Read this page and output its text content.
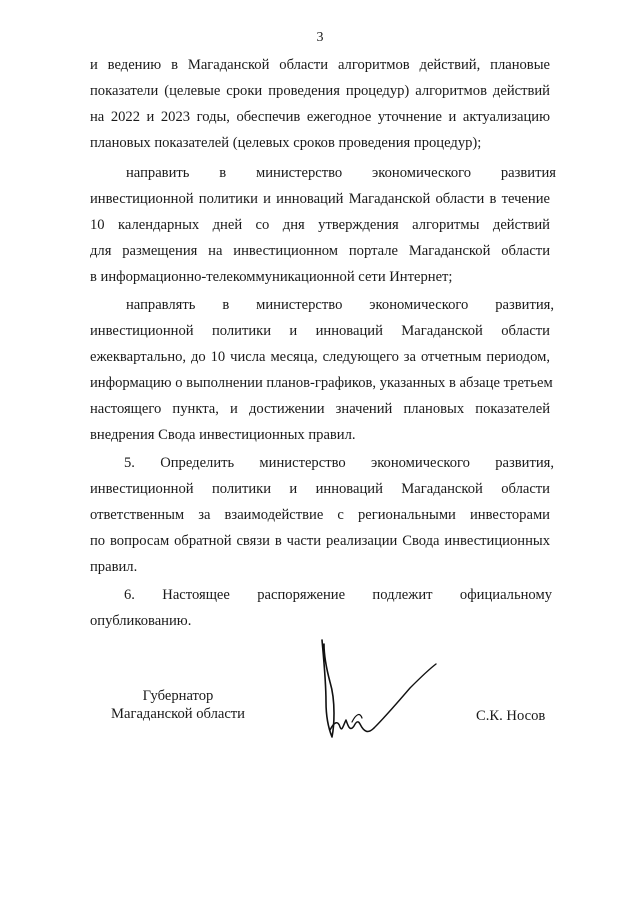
3
и ведению в Магаданской области алгоритмов действий, плановые
показатели (целевые сроки проведения процедур) алгоритмов действий
на 2022 и 2023 годы, обеспечив ежегодное уточнение и актуализацию
плановых показателей (целевых сроков проведения процедур);
направить в министерство экономического развития
инвестиционной политики и инноваций Магаданской области в течение
10 календарных дней со дня утверждения алгоритмы действий
для размещения на инвестиционном портале Магаданской области
в информационно-телекоммуникационной сети Интернет;
направлять в министерство экономического развития,
инвестиционной политики и инноваций Магаданской области
ежеквартально, до 10 числа месяца, следующего за отчетным периодом,
информацию о выполнении планов-графиков, указанных в абзаце третьем
настоящего пункта, и достижении значений плановых показателей
внедрения Свода инвестиционных правил.
5. Определить министерство экономического развития,
инвестиционной политики и инноваций Магаданской области
ответственным за взаимодействие с региональными инвесторами
по вопросам обратной связи в части реализации Свода инвестиционных
правил.
6. Настоящее распоряжение подлежит официальному
опубликованию.
Губернатор
Магаданской области	С.К. Носов
